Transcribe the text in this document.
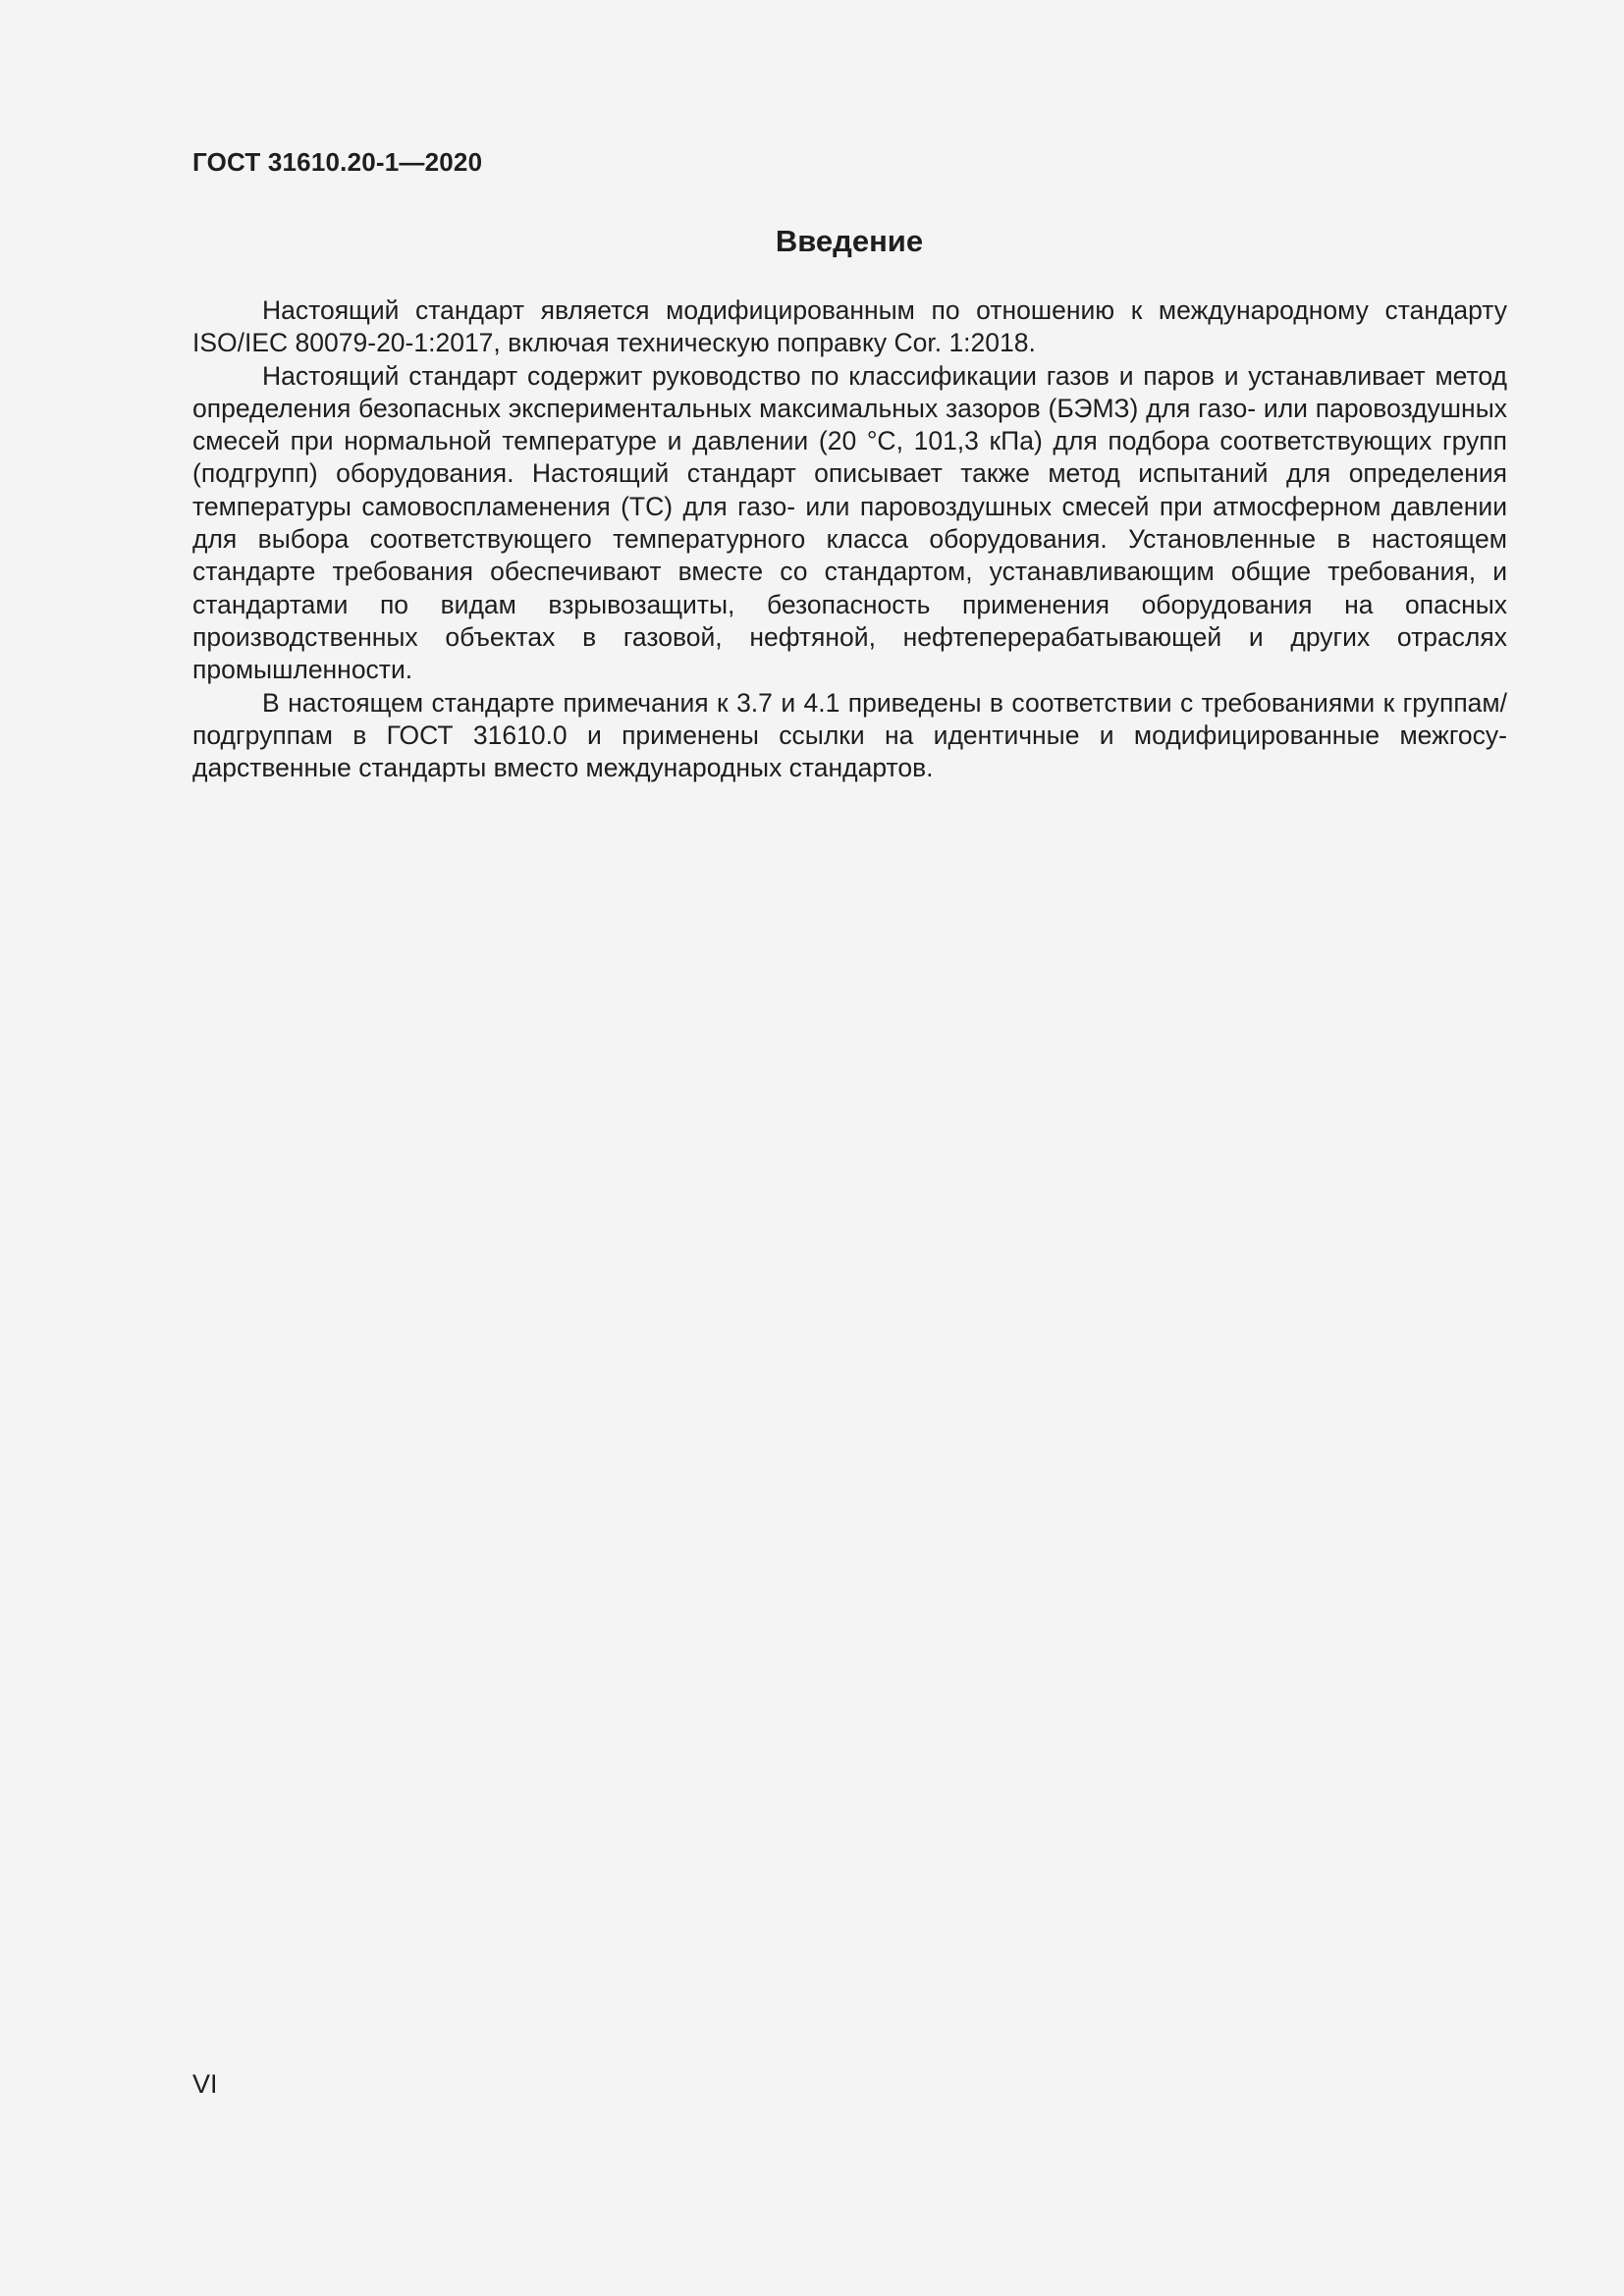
ГОСТ 31610.20-1—2020
Введение

Настоящий стандарт является модифицированным по отношению к международному стандарту ISO/IEC 80079-20-1:2017, включая техническую поправку Cor. 1:2018.

Настоящий стандарт содержит руководство по классификации газов и паров и устанавливает метод определения безопасных экспериментальных максимальных зазоров (БЭМЗ) для газо- или паровоздушных смесей при нормальной температуре и давлении (20 °С, 101,3 кПа) для подбора соответствующих групп (подгрупп) оборудования. Настоящий стандарт описывает также метод испытаний для определения температуры самовоспламенения (ТС) для газо- или паровоздушных смесей при атмосферном давлении для выбора соответствующего температурного класса оборудования. Установленные в настоящем стандарте требования обеспечивают вместе со стандартом, устанавливающим общие требования, и стандартами по видам взрывозащиты, безопасность применения оборудования на опасных производственных объектах в газовой, нефтяной, нефтеперерабатывающей и других отраслях промышленности.

В настоящем стандарте примечания к 3.7 и 4.1 приведены в соответствии с требованиями к группам/подгруппам в ГОСТ 31610.0 и применены ссылки на идентичные и модифицированные межгосударственные стандарты вместо международных стандартов.

VI
